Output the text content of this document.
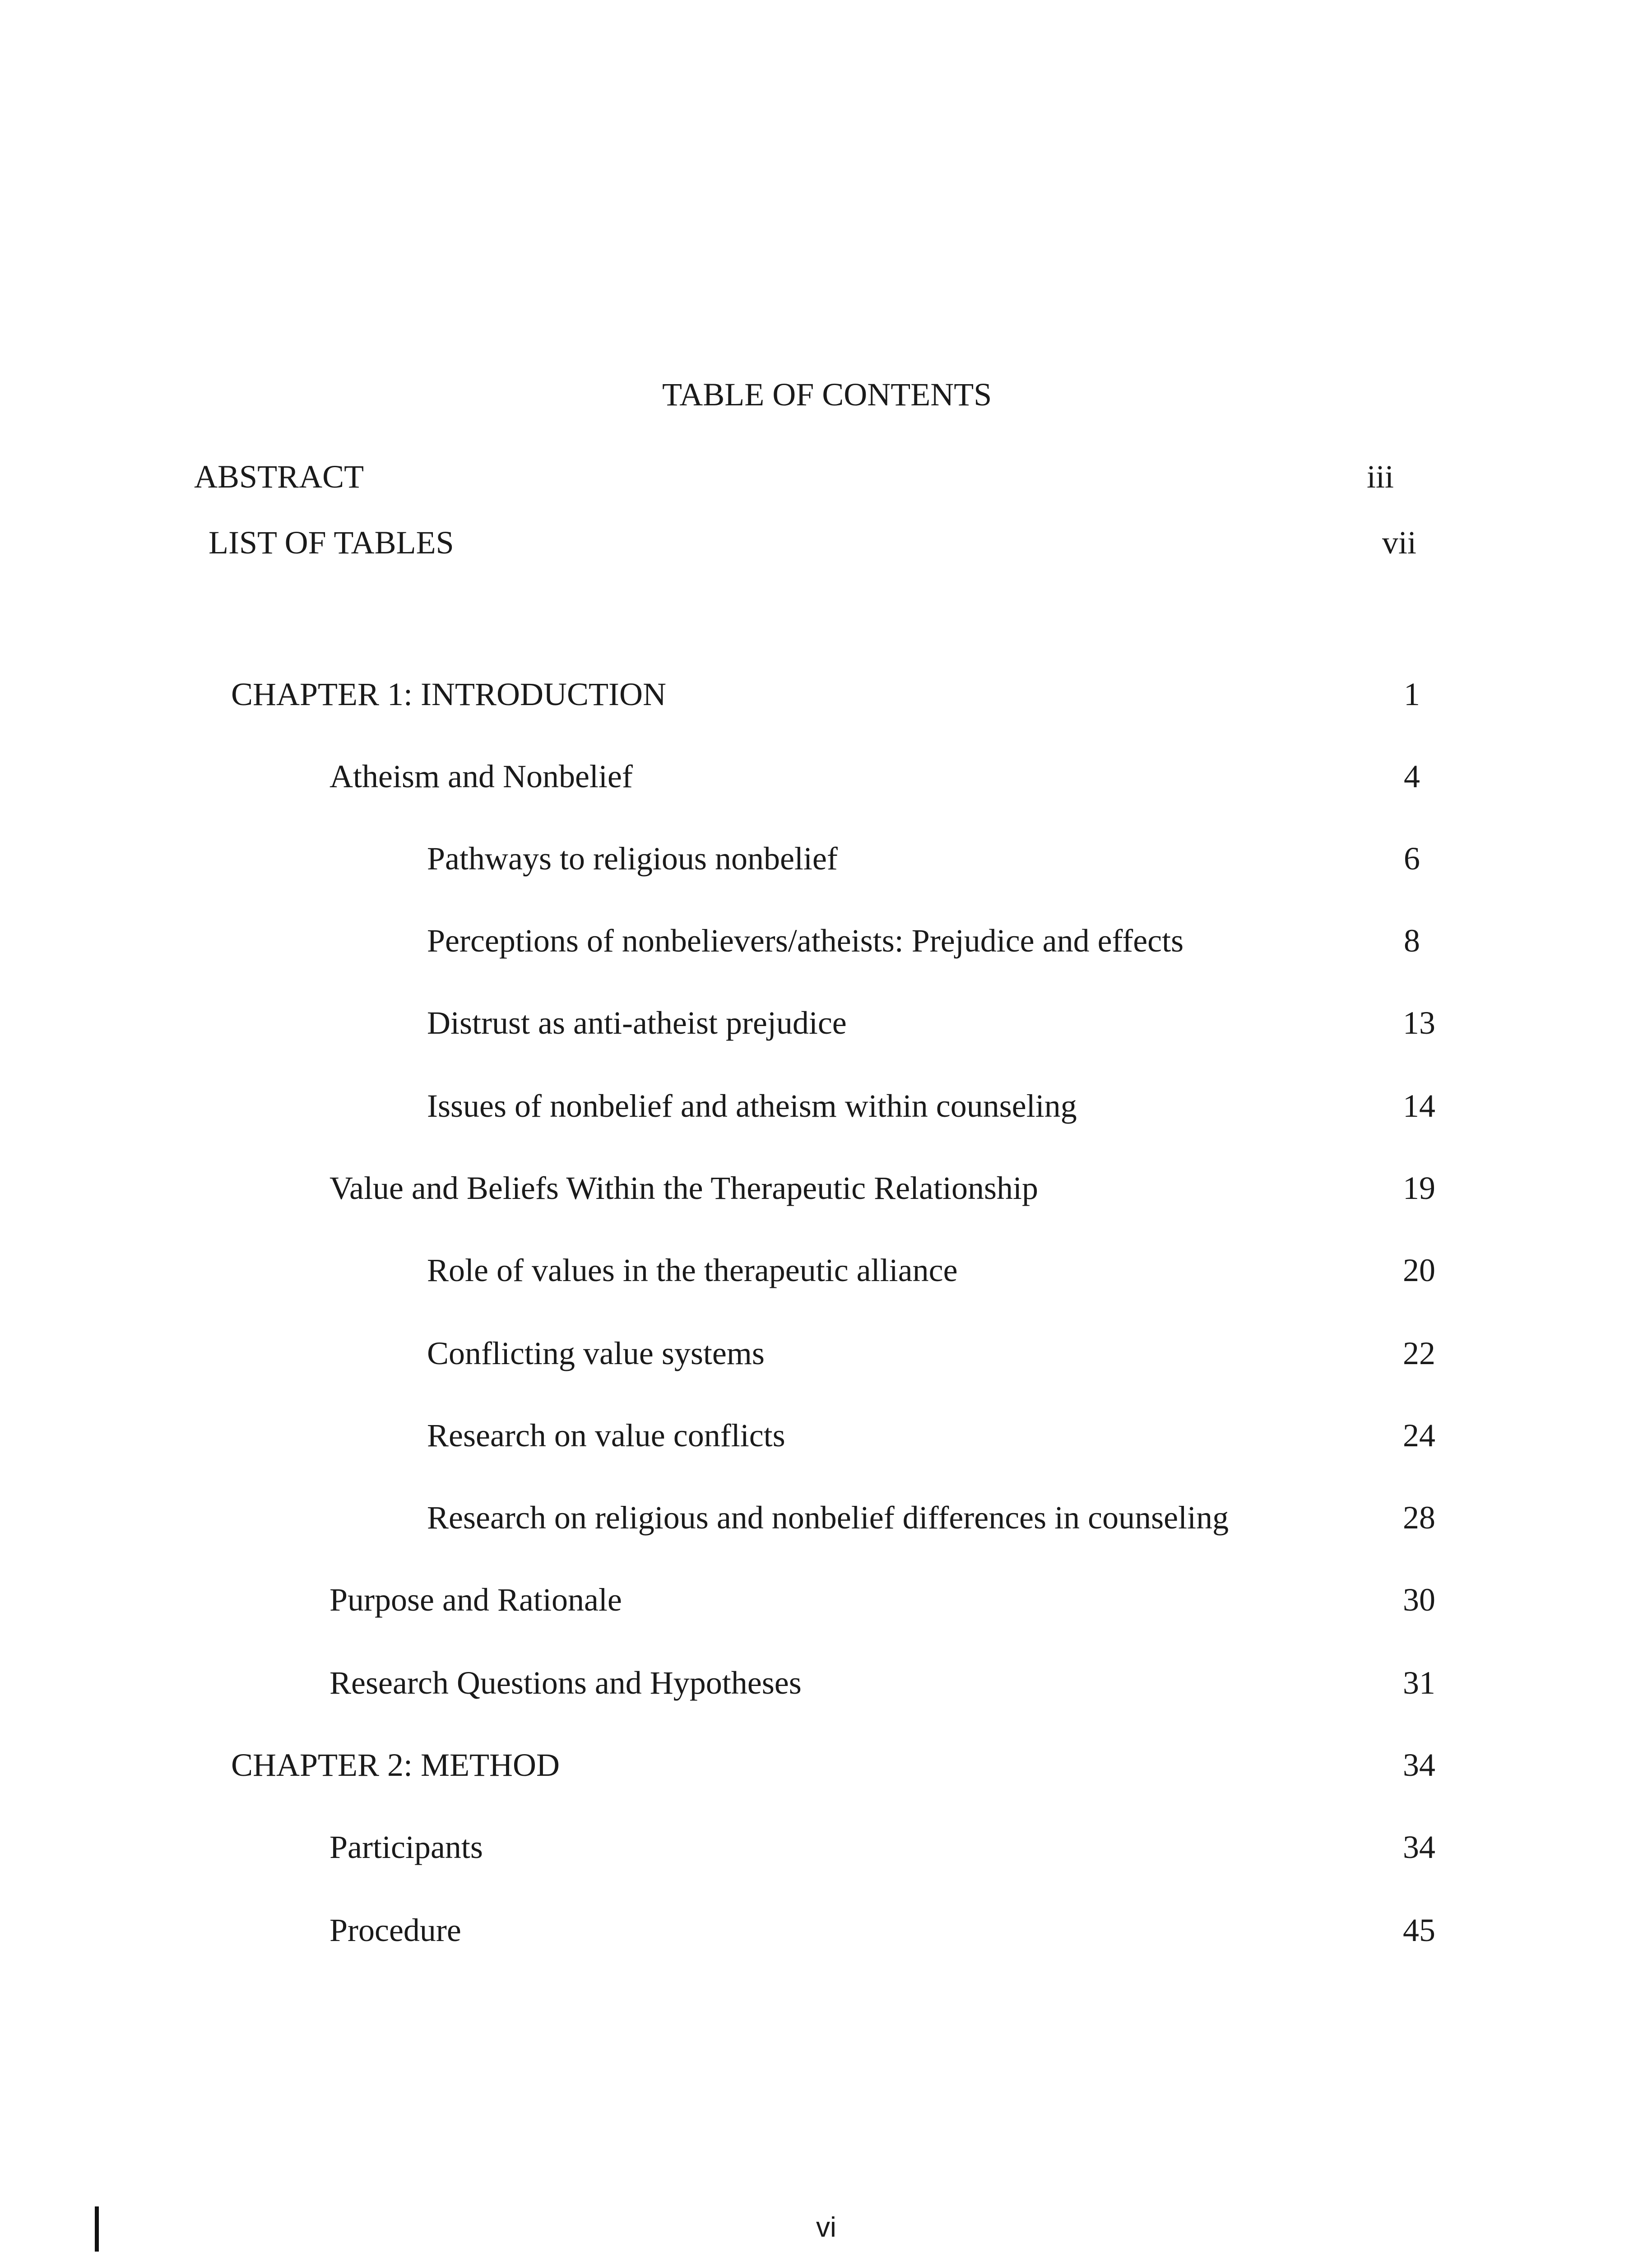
TABLE OF CONTENTS
ABSTRACT	iii
LIST OF TABLES	vii
CHAPTER 1: INTRODUCTION	1
Atheism and Nonbelief	4
Pathways to religious nonbelief	6
Perceptions of nonbelievers/atheists: Prejudice and effects	8
Distrust as anti-atheist prejudice	13
Issues of nonbelief and atheism within counseling	14
Value and Beliefs Within the Therapeutic Relationship	19
Role of values in the therapeutic alliance	20
Conflicting value systems	22
Research on value conflicts	24
Research on religious and nonbelief differences in counseling	28
Purpose and Rationale	30
Research Questions and Hypotheses	31
CHAPTER 2: METHOD	34
Participants	34
Procedure	45
vi
